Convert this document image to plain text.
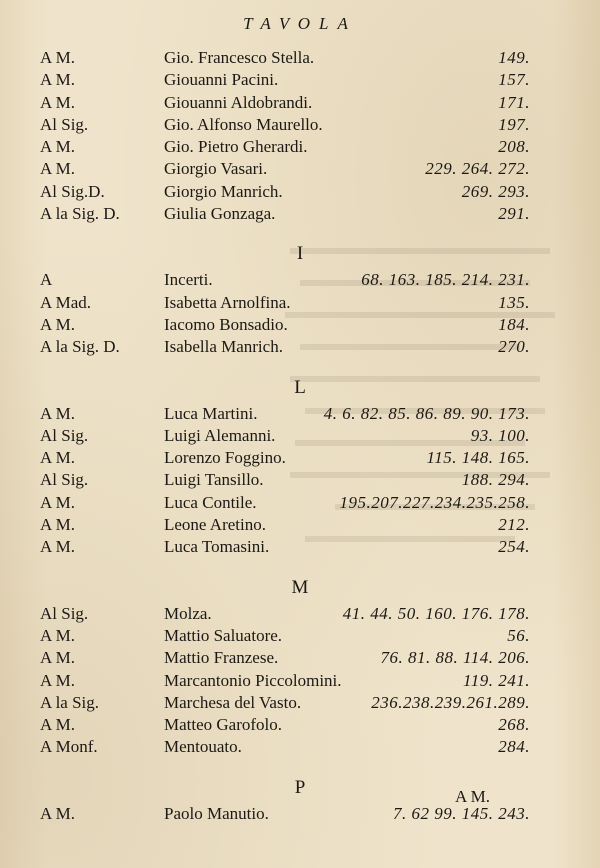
TAVOLA
A M.	Gio. Francesco Stella.	149.
A M.	Giouanni Pacini.	157.
A M.	Giouanni Aldobrandi.	171.
Al Sig.	Gio. Alfonso Maurello.	197.
A M.	Gio. Pietro Gherardi.	208.
A M.	Giorgio Vasari.	229. 264. 272.
Al Sig.D.	Giorgio Manrich.	269. 293.
A la Sig. D.	Giulia Gonzaga.	291.
I
A	Incerti.	68. 163. 185. 214. 231.
A Mad.	Isabetta Arnolfina.	135.
A M.	Iacomo Bonsadio.	184.
A la Sig. D.	Isabella Manrich.	270.
L
A M.	Luca Martini.	4. 6. 82. 85. 86. 89. 90. 173.
Al Sig.	Luigi Alemanni.	93. 100.
A M.	Lorenzo Foggino.	115. 148. 165.
Al Sig.	Luigi Tansillo.	188. 294.
A M.	Luca Contile.	195.207.227.234.235.258.
A M.	Leone Aretino.	212.
A M.	Luca Tomasini.	254.
M
Al Sig.	Molza.	41. 44. 50. 160. 176. 178.
A M.	Mattio Saluatore.	56.
A M.	Mattio Franzese.	76. 81. 88. 114. 206.
A M.	Marcantonio Piccolomini.	119. 241.
A la Sig.	Marchesa del Vasto.	236.238.239.261.289.
A M.	Matteo Garofolo.	268.
A Monf.	Mentouato.	284.
P
A M.	Paolo Manutio.	7. 62 99. 145. 243.
A M.
